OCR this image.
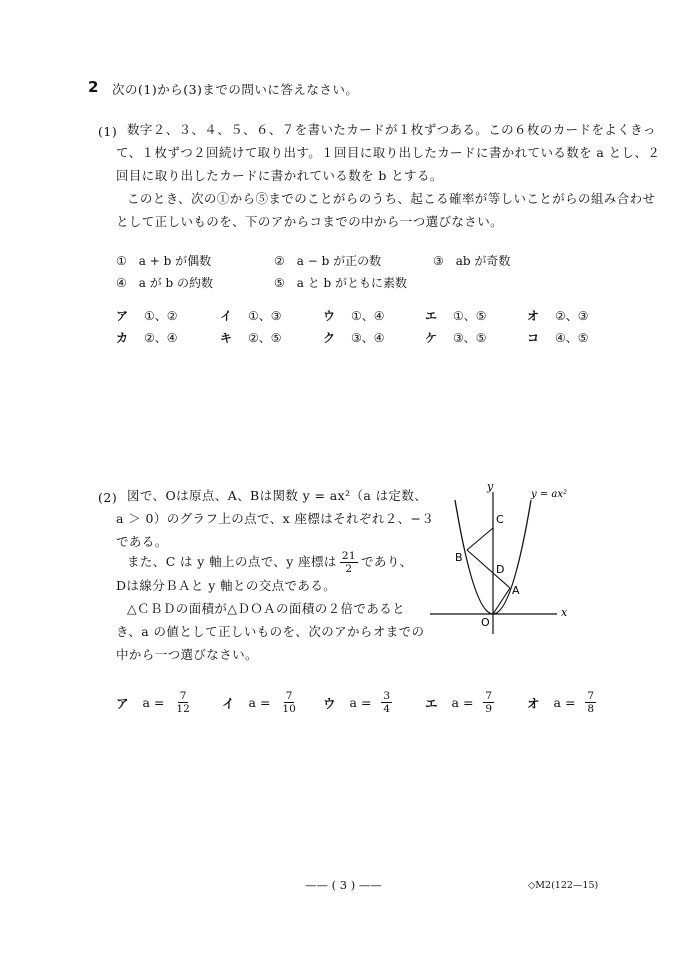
2 次の(1)から(3)までの問いに答えなさい。
(1) 数字２、３、４、５、６、７を書いたカードが１枚ずつある。この６枚のカードをよくきっ
て、１枚ずつ２回続けて取り出す。１回目に取り出したカードに書かれている数を a とし、２
回目に取り出したカードに書かれている数を b とする。
このとき、次の①から⑤までのことがらのうち、起こる確率が等しいことがらの組み合わせ
として正しいものを、下のアからコまでの中から一つ選びなさい。
①　a + b が偶数	②　a − b が正の数	③　ab が奇数
④　a が b の約数	⑤　a と b がともに素数
ア ①、②	イ ①、③	ウ ①、④	エ ①、⑤	オ ②、③
カ ②、④	キ ②、⑤	ク ③、④	ケ ③、⑤	コ ④、⑤
(2) 図で、Oは原点、A、Bは関数 y = ax²（a は定数、
a ＞ 0）のグラフ上の点で、x 座標はそれぞれ２、−３
である。
また、C は y 軸上の点で、y 座標は $\frac{21}{2}$ であり、
Dは線分ＢＡと y 軸との交点である。
△ＣＢＤの面積が△ＤＯＡの面積の２倍であると
き、a の値として正しいものを、次のアからオまでの
中から一つ選びなさい。
y
x
y = ax²
O
A
B
C
D
ア $a = \frac{7}{12}$ イ $a = \frac{7}{10}$ ウ $a = \frac{3}{4}$	エ $a = \frac{7}{9}$	オ $a = \frac{7}{8}$
—— ( 3 ) ——	◇M2(122—15)
